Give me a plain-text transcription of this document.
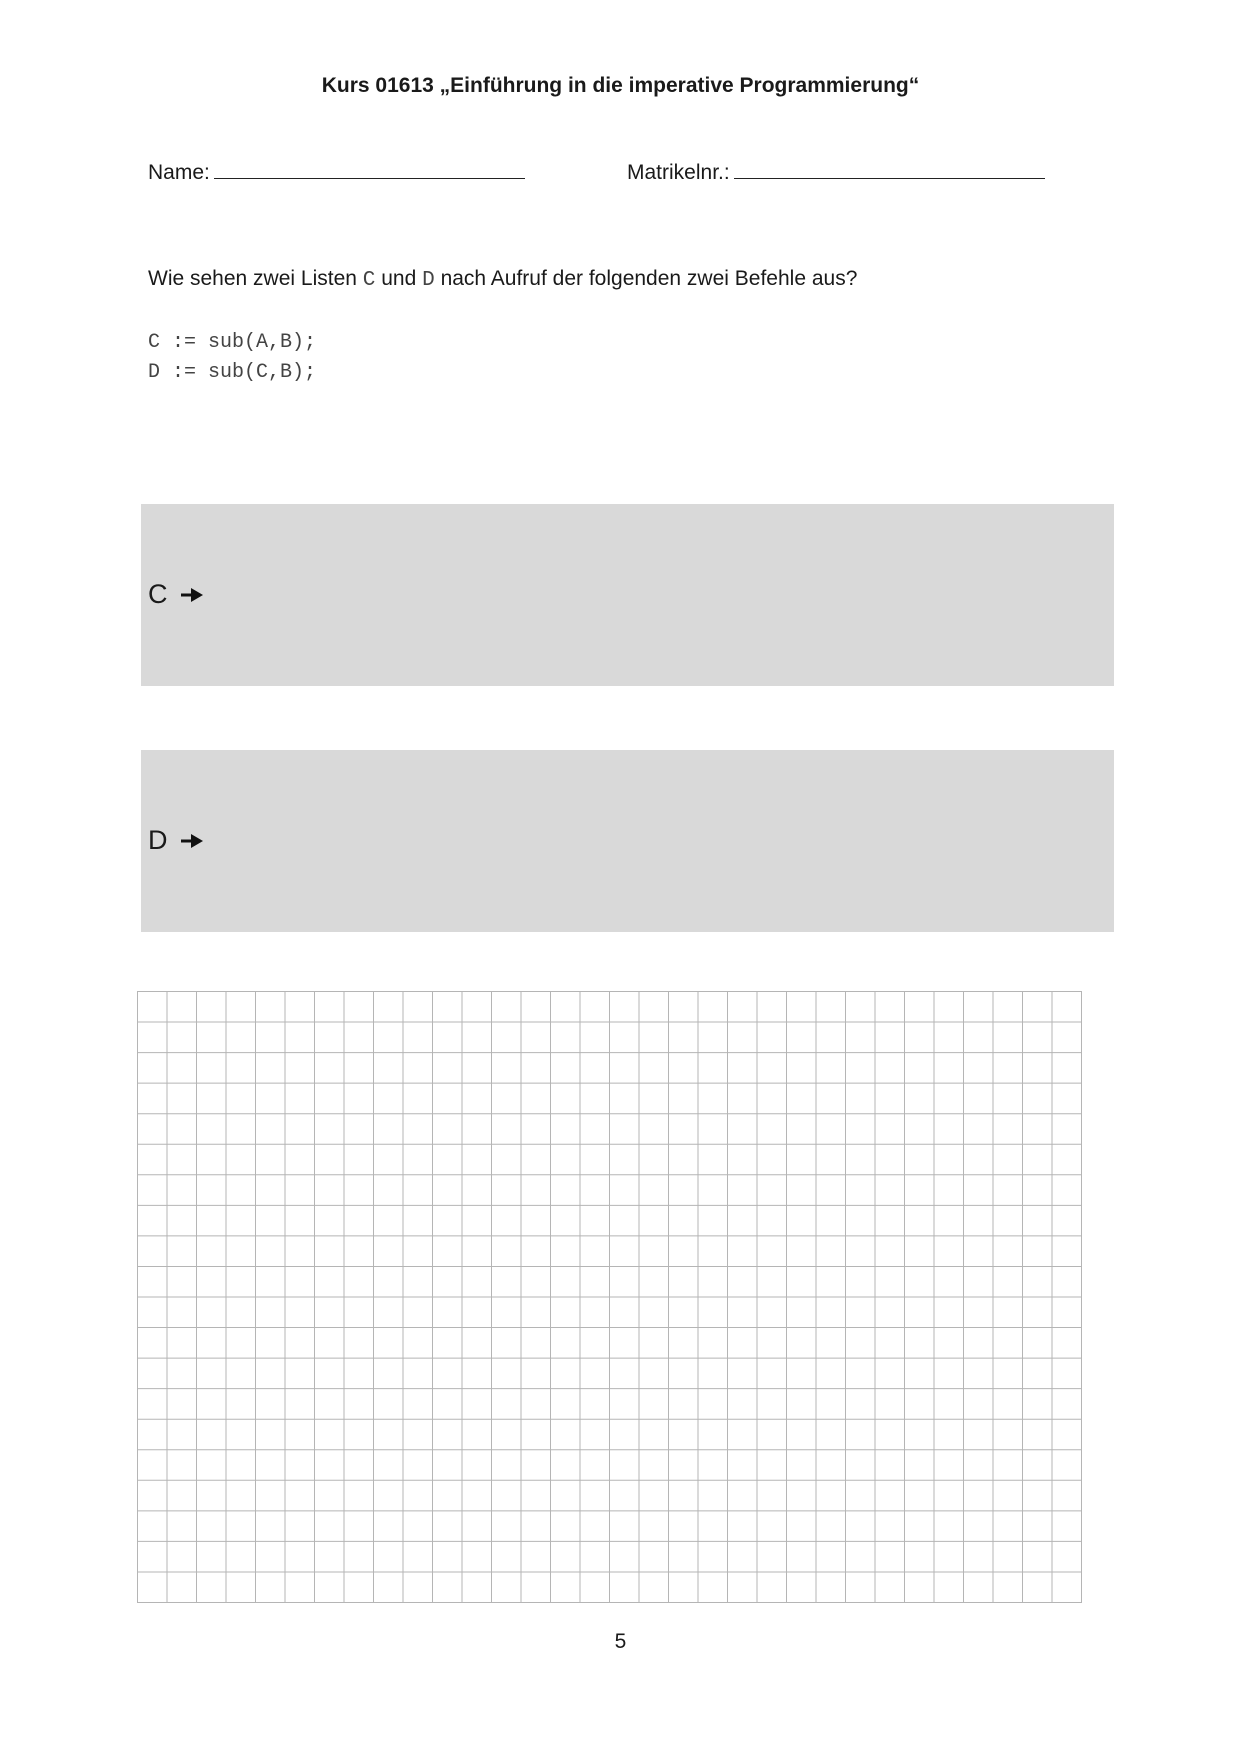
Kurs 01613 „Einführung in die imperative Programmierung“
Name:	Matrikelnr.:
Wie sehen zwei Listen C und D nach Aufruf der folgenden zwei Befehle aus?
C := sub(A,B);
D := sub(C,B);
C
D
5
